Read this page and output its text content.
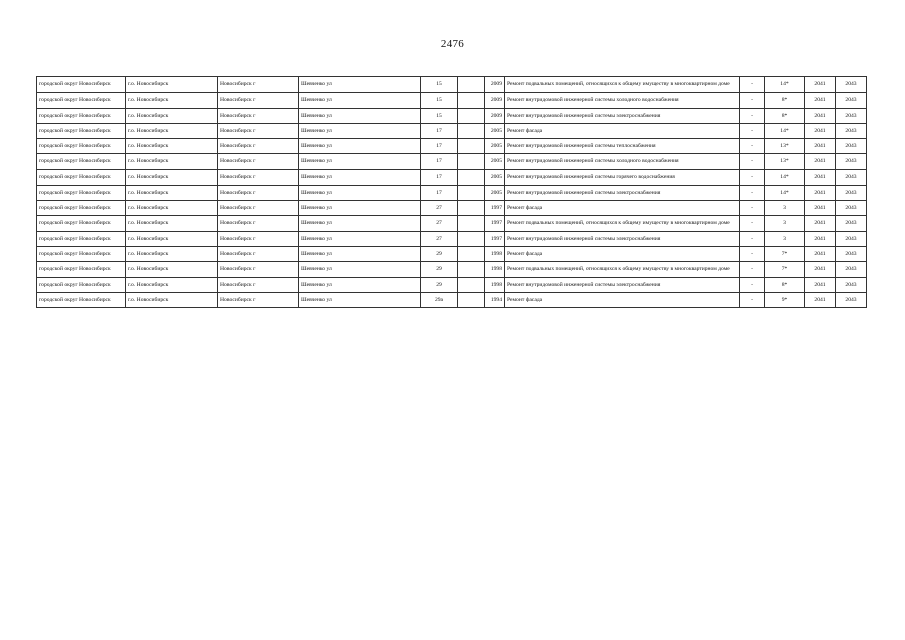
2476
городской округ Новосибирск	г.о. Новосибирск	Новосибирск г	Шевченко ул	15		2009	Ремонт подвальных помещений, относящихся к общему имуществу в многоквартирном доме	-	14*	2041	2043
городской округ Новосибирск	г.о. Новосибирск	Новосибирск г	Шевченко ул	15		2009	Ремонт внутридомовой инженерной системы холодного водоснабжения	-	8*	2041	2043
городской округ Новосибирск	г.о. Новосибирск	Новосибирск г	Шевченко ул	15		2009	Ремонт внутридомовой инженерной системы электроснабжения	-	8*	2041	2043
городской округ Новосибирск	г.о. Новосибирск	Новосибирск г	Шевченко ул	17		2005	Ремонт фасада	-	14*	2041	2043
городской округ Новосибирск	г.о. Новосибирск	Новосибирск г	Шевченко ул	17		2005	Ремонт внутридомовой инженерной системы теплоснабжения	-	13*	2041	2043
городской округ Новосибирск	г.о. Новосибирск	Новосибирск г	Шевченко ул	17		2005	Ремонт внутридомовой инженерной системы холодного водоснабжения	-	13*	2041	2043
городской округ Новосибирск	г.о. Новосибирск	Новосибирск г	Шевченко ул	17		2005	Ремонт внутридомовой инженерной системы горячего водоснабжения	-	14*	2041	2043
городской округ Новосибирск	г.о. Новосибирск	Новосибирск г	Шевченко ул	17		2005	Ремонт внутридомовой инженерной системы электроснабжения	-	14*	2041	2043
городской округ Новосибирск	г.о. Новосибирск	Новосибирск г	Шевченко ул	27		1997	Ремонт фасада	-	3	2041	2043
городской округ Новосибирск	г.о. Новосибирск	Новосибирск г	Шевченко ул	27		1997	Ремонт подвальных помещений, относящихся к общему имуществу в многоквартирном доме	-	3	2041	2043
городской округ Новосибирск	г.о. Новосибирск	Новосибирск г	Шевченко ул	27		1997	Ремонт внутридомовой инженерной системы электроснабжения	-	3	2041	2043
городской округ Новосибирск	г.о. Новосибирск	Новосибирск г	Шевченко ул	29		1998	Ремонт фасада	-	7*	2041	2043
городской округ Новосибирск	г.о. Новосибирск	Новосибирск г	Шевченко ул	29		1998	Ремонт подвальных помещений, относящихся к общему имуществу в многоквартирном доме	-	7*	2041	2043
городской округ Новосибирск	г.о. Новосибирск	Новосибирск г	Шевченко ул	29		1998	Ремонт внутридомовой инженерной системы электроснабжения	-	8*	2041	2043
городской округ Новосибирск	г.о. Новосибирск	Новосибирск г	Шевченко ул	29а		1994	Ремонт фасада	-	9*	2041	2043
